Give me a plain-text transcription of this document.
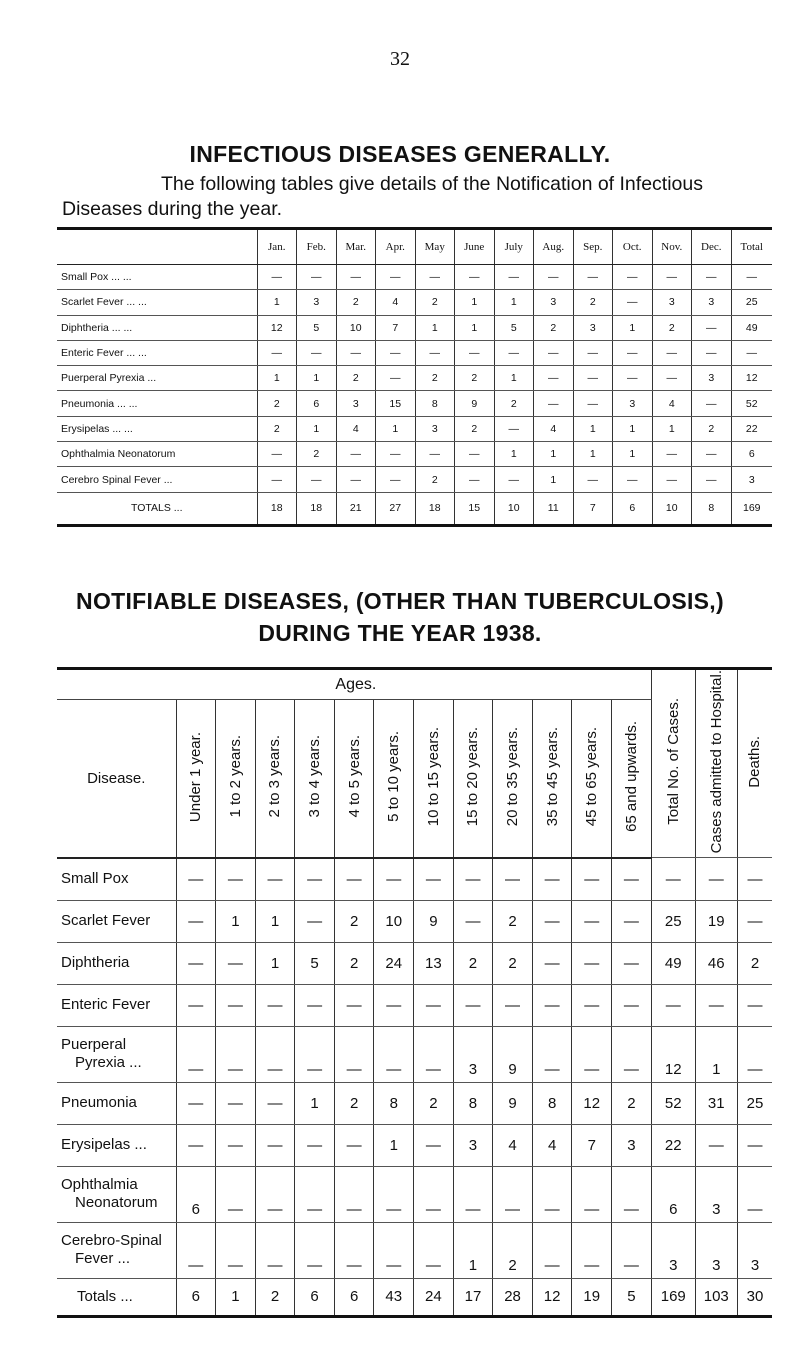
32
INFECTIOUS DISEASES GENERALLY.
The following tables give details of the Notification of Infectious
Diseases during the year.
	Jan.	Feb.	Mar.	Apr.	May	June	July	Aug.	Sep.	Oct.	Nov.	Dec.	Total
Small Pox ... ...	—	—	—	—	—	—	—	—	—	—	—	—	—
Scarlet Fever ... ...	1	3	2	4	2	1	1	3	2	—	3	3	25
Diphtheria ... ...	12	5	10	7	1	1	5	2	3	1	2	—	49
Enteric Fever ... ...	—	—	—	—	—	—	—	—	—	—	—	—	—
Puerperal Pyrexia ...	1	1	2	—	2	2	1	—	—	—	—	3	12
Pneumonia ... ...	2	6	3	15	8	9	2	—	—	3	4	—	52
Erysipelas ... ...	2	1	4	1	3	2	—	4	1	1	1	2	22
Ophthalmia Neonatorum	—	2	—	—	—	—	1	1	1	1	—	—	6
Cerebro Spinal Fever ...	—	—	—	—	2	—	—	1	—	—	—	—	3
TOTALS ...	18	18	21	27	18	15	10	11	7	6	10	8	169
NOTIFIABLE DISEASES, (OTHER THAN TUBERCULOSIS,)
DURING THE YEAR 1938.
Ages.													Total No. of Cases.	Cases admitted to Hospital.	Deaths.
Disease.	Under 1 year.	1 to 2 years.	2 to 3 years.	3 to 4 years.	4 to 5 years.	5 to 10 years.	10 to 15 years.	15 to 20 years.	20 to 35 years.	35 to 45 years.	45 to 65 years.	65 and upwards.			

Small Pox	—	—	—	—	—	—	—	—	—	—	—	—	—	—	—

Scarlet Fever	—	1	1	—	2	10	9	—	2	—	—	—	25	19	—

Diphtheria	—	—	1	5	2	24	13	2	2	—	—	—	49	46	2

Enteric Fever	—	—	—	—	—	—	—	—	—	—	—	—	—	—	—

Puerperal
Pyrexia ...	—	—	—	—	—	—	—	3	9	—	—	—	12	1	—

Pneumonia	—	—	—	1	2	8	2	8	9	8	12	2	52	31	25

Erysipelas ...	—	—	—	—	—	1	—	3	4	4	7	3	22	—	—

Ophthalmia
Neonatorum	6	—	—	—	—	—	—	—	—	—	—	—	6	3	—

Cerebro-Spinal
Fever ...	—	—	—	—	—	—	—	1	2	—	—	—	3	3	3
Totals ...	6	1	2	6	6	43	24	17	28	12	19	5	169	103	30
